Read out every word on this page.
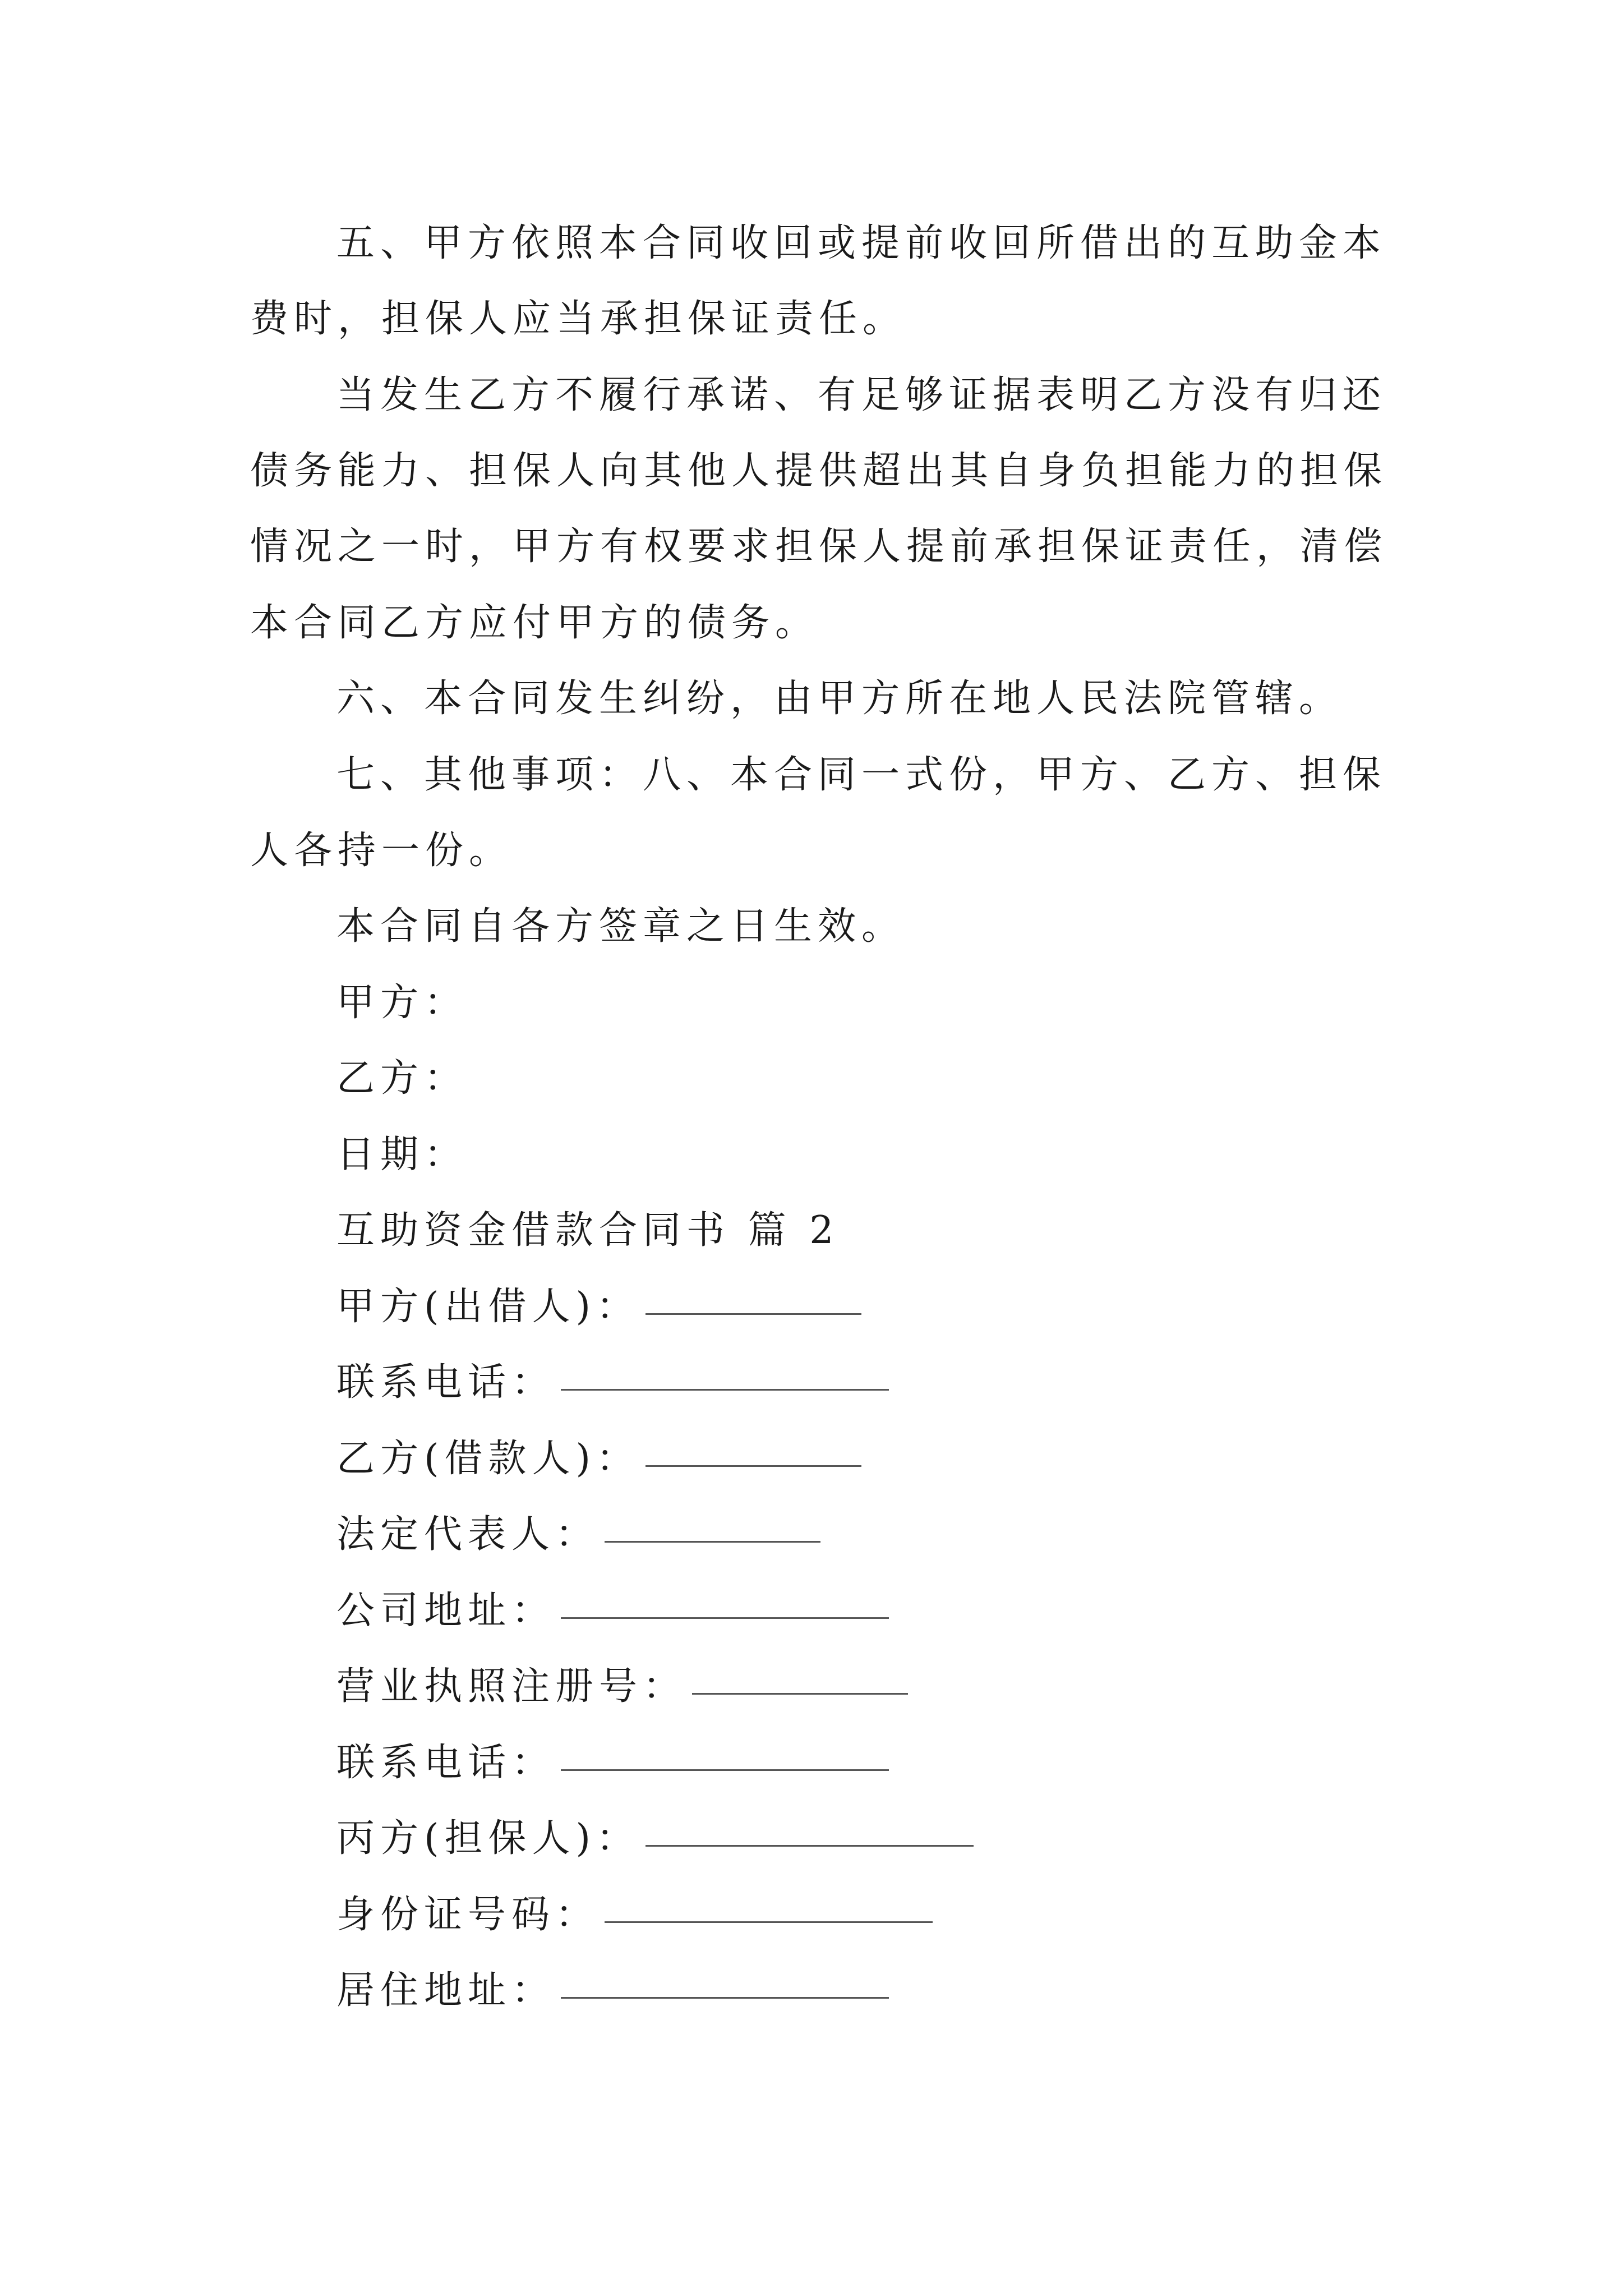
五、甲方依照本合同收回或提前收回所借出的互助金本
费时，担保人应当承担保证责任。
当发生乙方不履行承诺、有足够证据表明乙方没有归还
债务能力、担保人向其他人提供超出其自身负担能力的担保
情况之一时，甲方有权要求担保人提前承担保证责任，清偿
本合同乙方应付甲方的债务。
六、本合同发生纠纷，由甲方所在地人民法院管辖。
七、其他事项：八、本合同一式份，甲方、乙方、担保
人各持一份。
本合同自各方签章之日生效。
甲方：
乙方：
日期：
互助资金借款合同书 篇 2
甲方(出借人)：
联系电话：
乙方(借款人)：
法定代表人：
公司地址：
营业执照注册号：
联系电话：
丙方(担保人)：
身份证号码：
居住地址：
